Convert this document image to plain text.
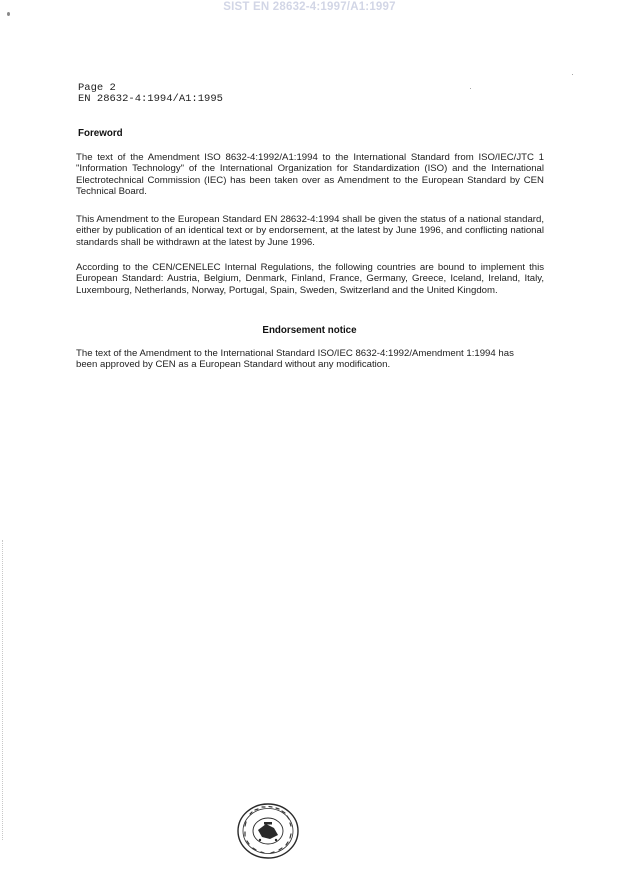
SIST EN 28632-4:1997/A1:1997
Page 2
EN 28632-4:1994/A1:1995
Foreword
The text of the Amendment ISO 8632-4:1992/A1:1994 to the International Standard from ISO/IEC/JTC 1 "Information Technology" of the International Organization for Standardization (ISO) and the International Electrotechnical Commission (IEC) has been taken over as Amendment to the European Standard by CEN Technical Board.
This Amendment to the European Standard EN 28632-4:1994 shall be given the status of a national standard, either by publication of an identical text or by endorsement, at the latest by June 1996, and conflicting national standards shall be withdrawn at the latest by June 1996.
According to the CEN/CENELEC Internal Regulations, the following countries are bound to implement this European Standard: Austria, Belgium, Denmark, Finland, France, Germany, Greece, Iceland, Ireland, Italy, Luxembourg, Netherlands, Norway, Portugal, Spain, Sweden, Switzerland and the United Kingdom.
Endorsement notice
The text of the Amendment to the International Standard ISO/IEC 8632-4:1992/Amendment 1:1994 has been approved by CEN as a European Standard without any modification.
